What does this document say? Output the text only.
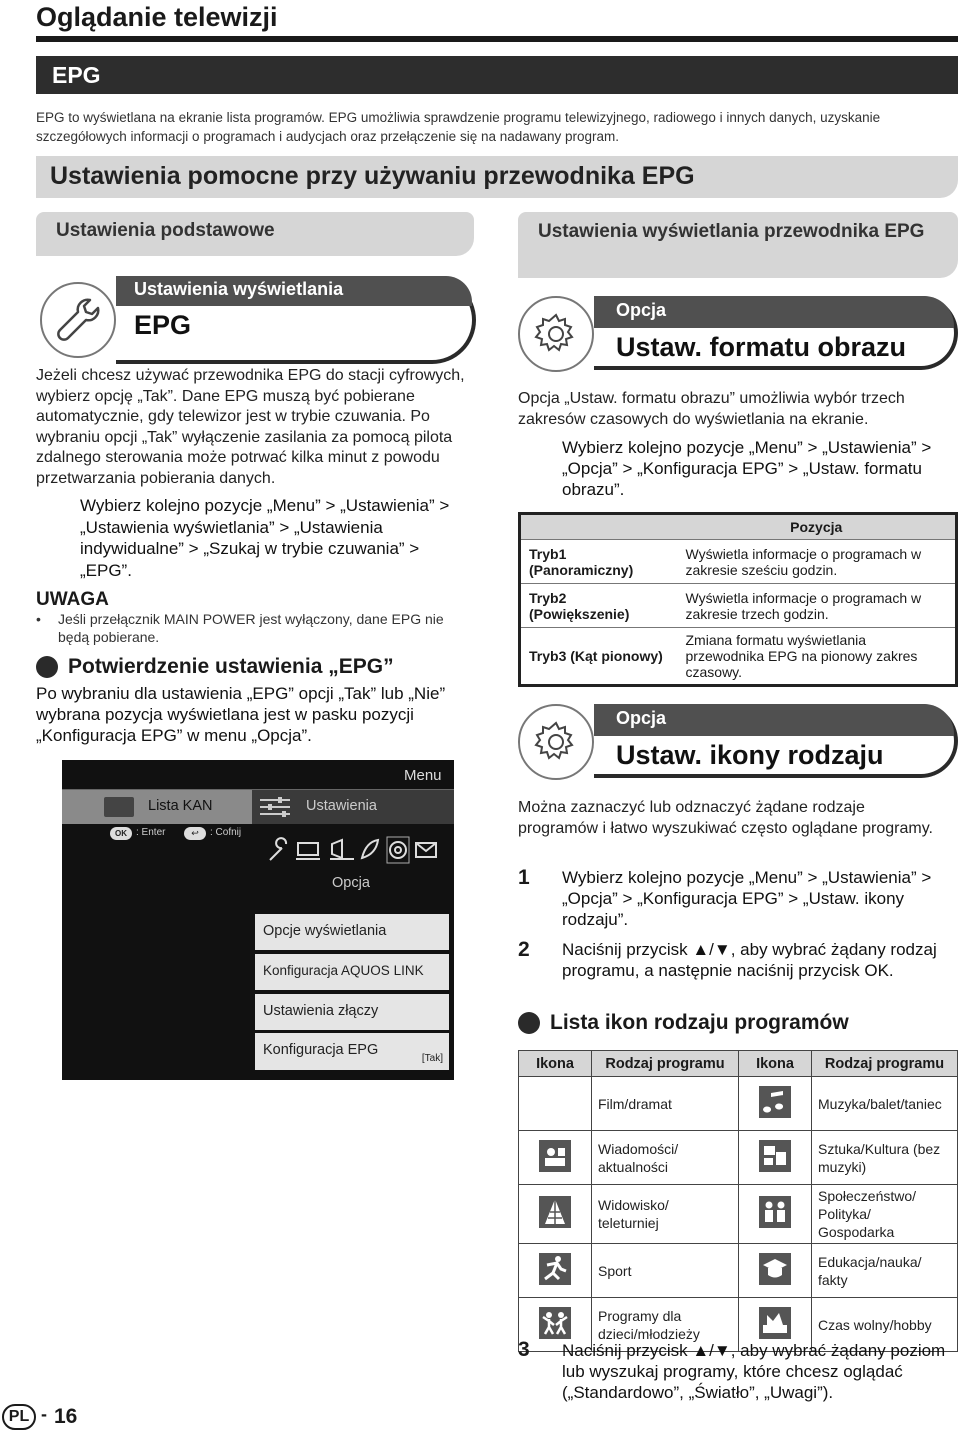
Oglądanie telewizji
EPG
EPG to wyświetlana na ekranie lista programów. EPG umożliwia sprawdzenie programu telewizyjnego, radiowego i innych danych, uzyskanie szczegółowych informacji o programach i audycjach oraz przełączenie się na nadawany program.
Ustawienia pomocne przy używaniu przewodnika EPG
Ustawienia podstawowe
Ustawienia wyświetlania
EPG
Jeżeli chcesz używać przewodnika EPG do stacji cyfrowych, wybierz opcję „Tak”. Dane EPG muszą być pobierane automatycznie, gdy telewizor jest w trybie czuwania. Po wybraniu opcji „Tak” wyłączenie zasilania za pomocą pilota zdalnego sterowania może potrwać kilka minut z powodu przetwarzania pobierania danych.
Wybierz kolejno pozycje „Menu” > „Ustawienia” > „Ustawienia wyświetlania” > „Ustawienia indywidualne” > „Szukaj w trybie czuwania” > „EPG”.
UWAGA
• Jeśli przełącznik MAIN POWER jest wyłączony, dane EPG nie będą pobierane.
Potwierdzenie ustawienia „EPG”
Po wybraniu dla ustawienia „EPG” opcji „Tak” lub „Nie” wybrana pozycja wyświetlana jest w pasku pozycji „Konfiguracja EPG” w menu „Opcja”.
Menu
Lista KAN	Ustawienia
OK : Enter	↩	: Cofnij
Opcja
Opcje wyświetlania
Konfiguracja AQUOS LINK
Ustawienia złączy
Konfiguracja EPG
[Tak]
Ustawienia wyświetlania przewodnika EPG
Opcja
Ustaw. formatu obrazu
Opcja „Ustaw. formatu obrazu” umożliwia wybór trzech zakresów czasowych do wyświetlania na ekranie.
Wybierz kolejno pozycje „Menu” > „Ustawienia” > „Opcja” > „Konfiguracja EPG” > „Ustaw. formatu obrazu”.
	Pozycja
Tryb1 (Panoramiczny)	Wyświetla informacje o programach w zakresie sześciu godzin.
Tryb2 (Powiększenie)	Wyświetla informacje o programach w zakresie trzech godzin.
Tryb3 (Kąt pionowy)	Zmiana formatu wyświetlania przewodnika EPG na pionowy zakres czasowy.
Opcja
Ustaw. ikony rodzaju
Można zaznaczyć lub odznaczyć żądane rodzaje programów i łatwo wyszukiwać często oglądane programy.
1 Wybierz kolejno pozycje „Menu” > „Ustawienia” > „Opcja” > „Konfiguracja EPG” > „Ustaw. ikony rodzaju”.
2 Naciśnij przycisk ▲/▼, aby wybrać żądany rodzaj programu, a następnie naciśnij przycisk OK.
Lista ikon rodzaju programów
Ikona	Rodzaj programu	Ikona	Rodzaj programu
	Film/dramat		Muzyka/balet/taniec
	Wiadomości/ aktualności		Sztuka/Kultura (bez muzyki)
	Widowisko/ teleturniej		Społeczeństwo/ Polityka/ Gospodarka
	Sport		Edukacja/nauka/ fakty
	Programy dla dzieci/młodzieży		Czas wolny/hobby
3 Naciśnij przycisk ▲/▼, aby wybrać żądany poziom lub wyszukaj programy, które chcesz oglądać („Standardowo”, „Światło”, „Uwagi”).
PL - 16
